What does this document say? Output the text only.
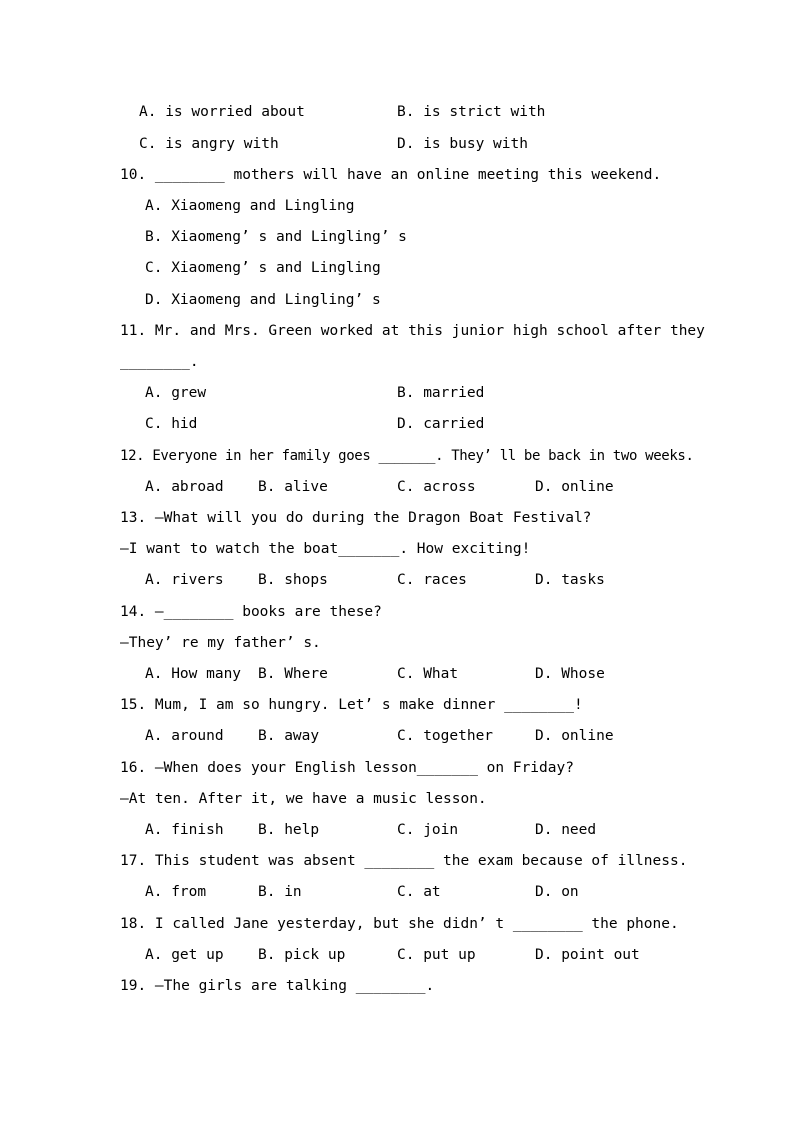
A. is worried about	B. is strict with
C. is angry with	D. is busy with
10. ________ mothers will have an online meeting this weekend.
A. Xiaomeng and Lingling
B. Xiaomeng’ s and Lingling’ s
C. Xiaomeng’ s and Lingling
D. Xiaomeng and Lingling’ s
11. Mr. and Mrs. Green worked at this junior high school after they
________.
A. grew	B. married
C. hid	D. carried
12. Everyone in her family goes _______. They’ ll be back in two weeks.
A. abroad B. alive	C. across	D. online
13. —What will you do during the Dragon Boat Festival?
—I want to watch the boat_______. How exciting!
A. rivers B. shops	C. races	D. tasks
14. —________ books are these?
—They’ re my father’ s.
A. How many B. Where	C. What	D. Whose
15. Mum, I am so hungry. Let’ s make dinner ________!
A. around B. away	C. together	D. online
16. —When does your English lesson_______ on Friday?
—At ten. After it, we have a music lesson.
A. finish B. help	C. join	D. need
17. This student was absent ________ the exam because of illness.
A. from	B. in	C. at	D. on
18. I called Jane yesterday, but she didn’ t ________ the phone.
A. get up B. pick up	C. put up	D. point out
19. —The girls are talking ________.
